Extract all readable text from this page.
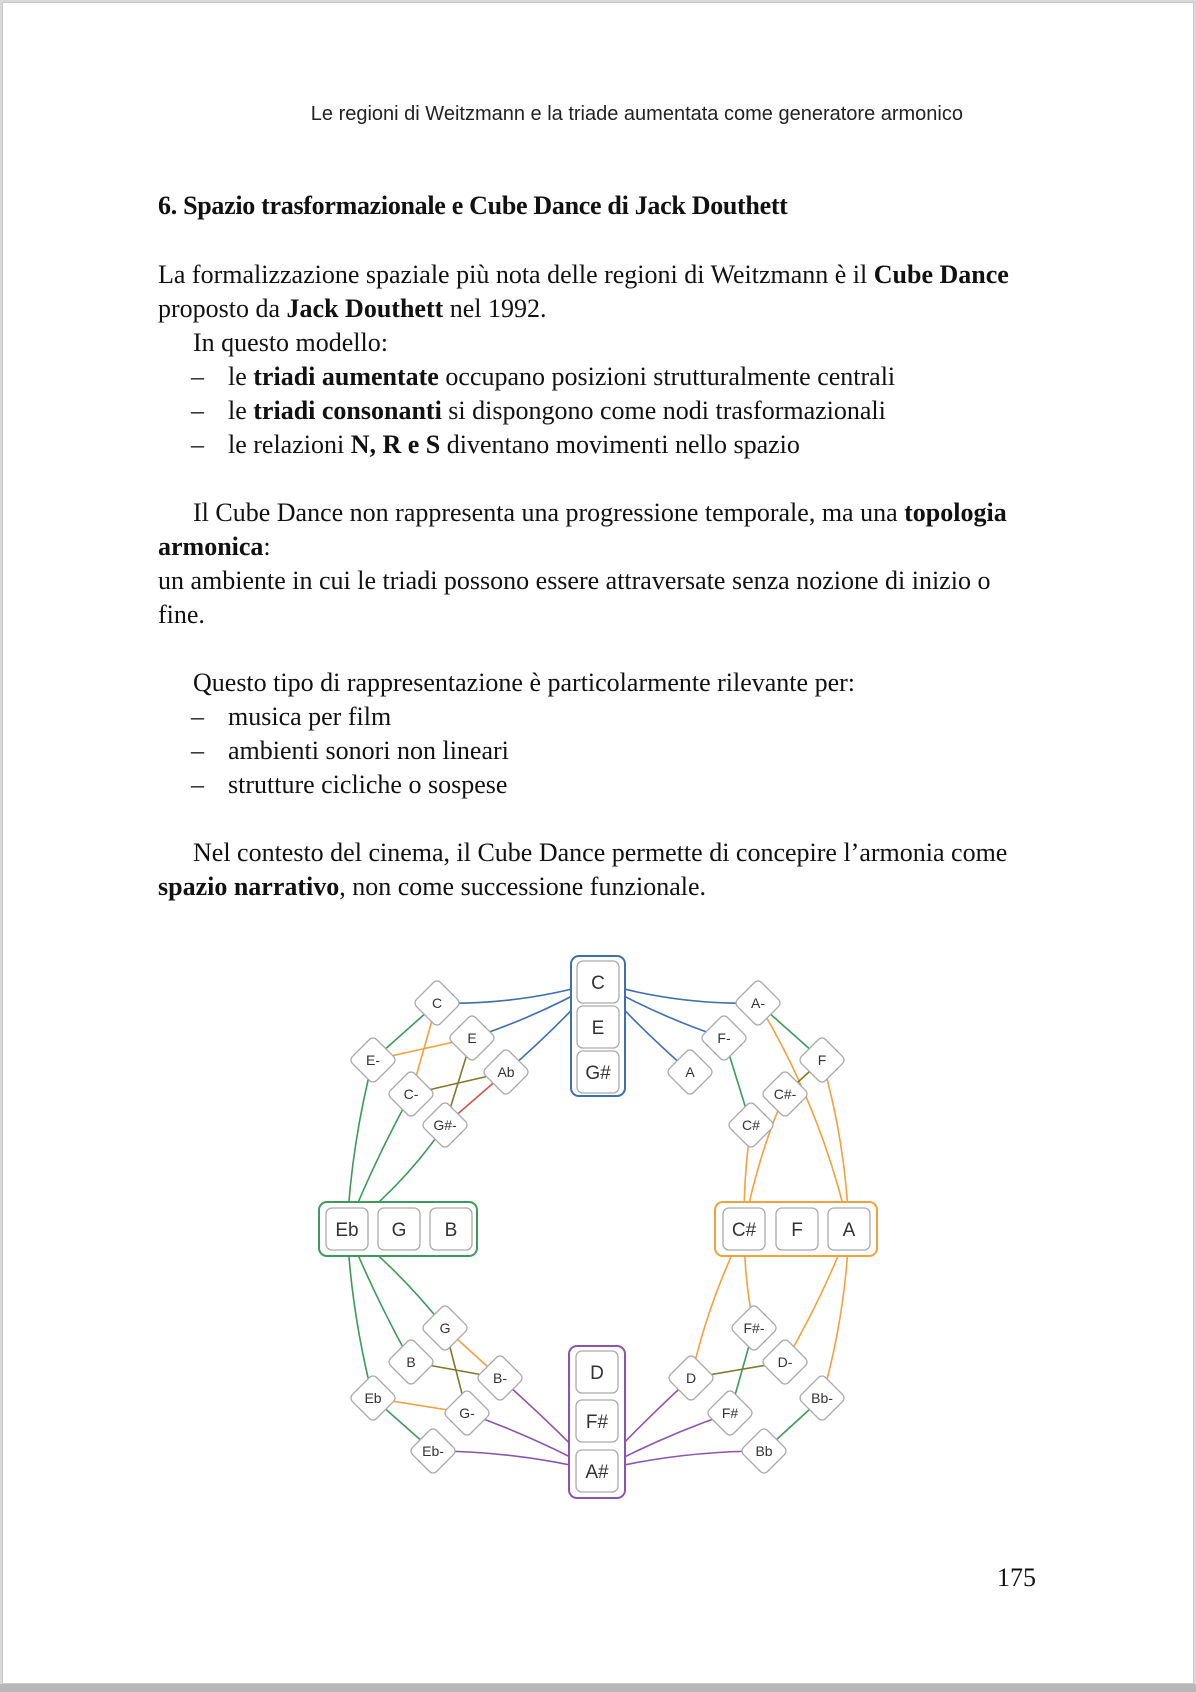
Le regioni di Weitzmann e la triade aumentata come generatore armonico
6. Spazio trasformazionale e Cube Dance di Jack Douthett

La formalizzazione spaziale più nota delle regioni di Weitzmann è il Cube Dance proposto da Jack Douthett nel 1992.

In questo modello:

– le triadi aumentate occupano posizioni strutturalmente centrali
– le triadi consonanti si dispongono come nodi trasformazionali
– le relazioni N, R e S diventano movimenti nello spazio

Il Cube Dance non rappresenta una progressione temporale, ma una topologia armonica:

un ambiente in cui le triadi possono essere attraversate senza nozione di inizio o fine.

Questo tipo di rappresentazione è particolarmente rilevante per:

– musica per film
– ambienti sonori non lineari
– strutture cicliche o sospese

Nel contesto del cinema, il Cube Dance permette di concepire l’armonia come spazio narrativo, non come successione funzionale.

C
E
E-
C-
Ab
G#-
A-
F-
F
C#-
A
C#
G
B
B-
Eb
G-
Eb-
F#-
D-
D
Bb-
F#
Bb
C
E
G#
Eb G B	C# F A
D
F#
A#
175
